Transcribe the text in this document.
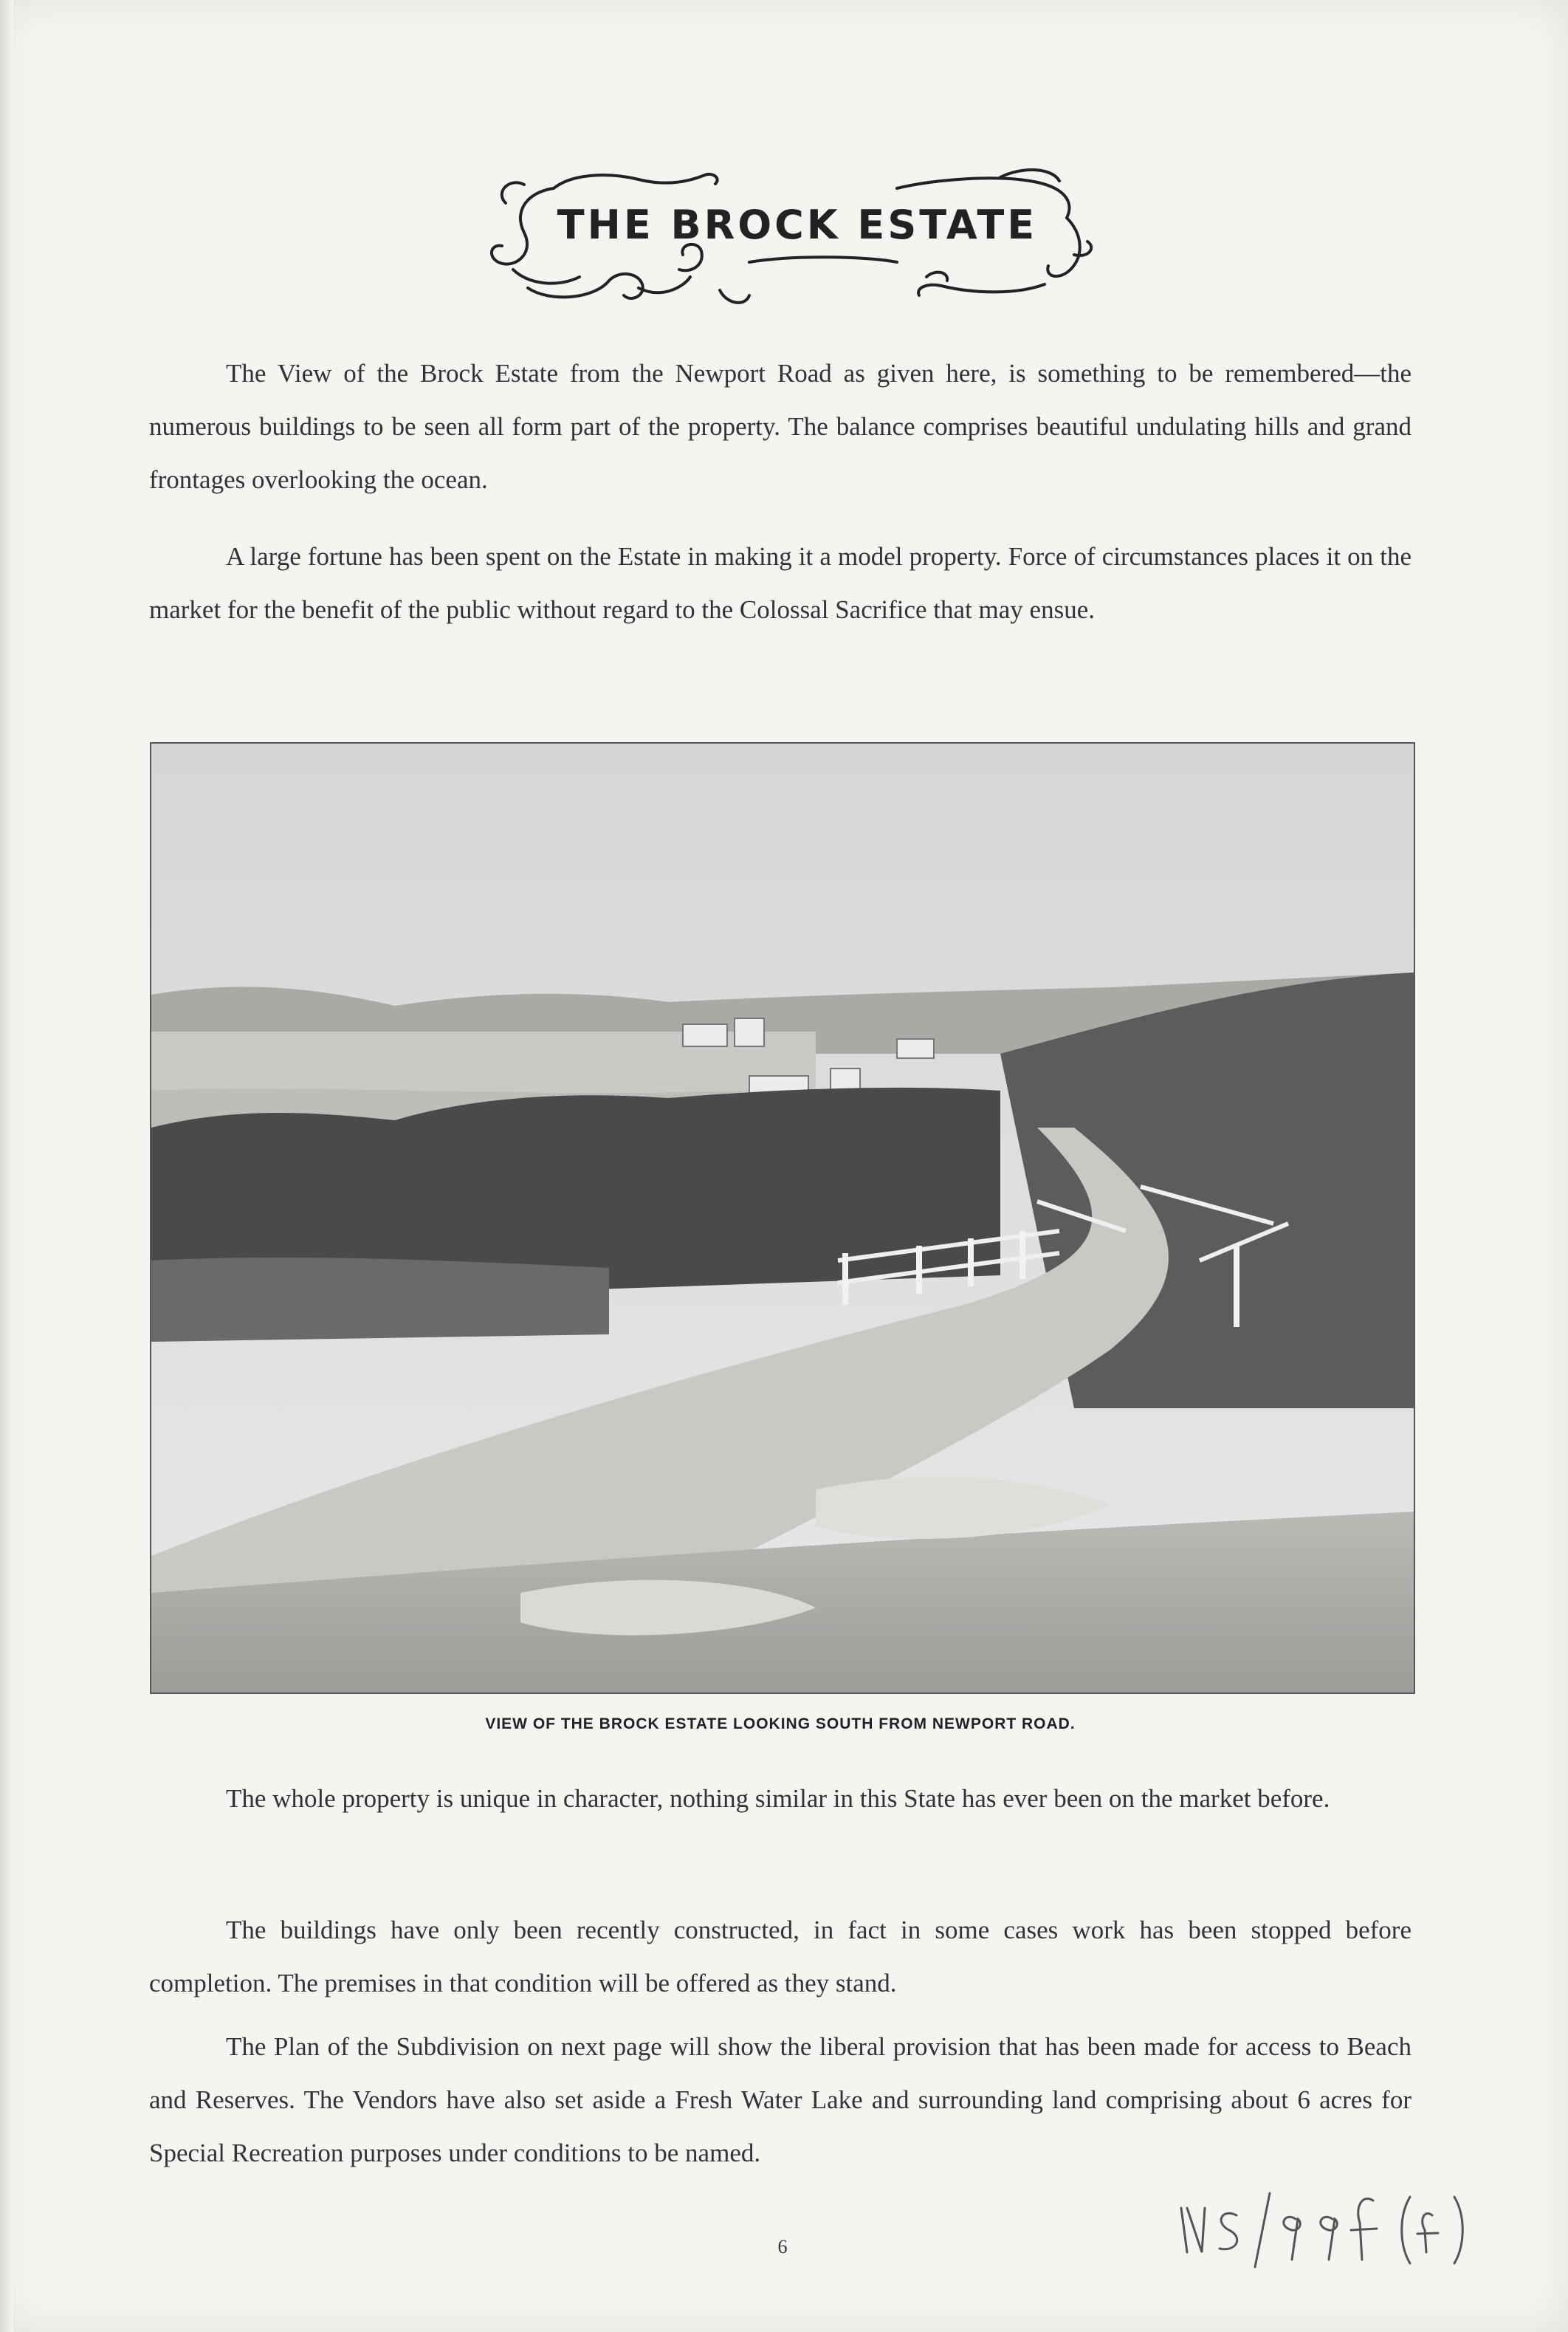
THE BROCK ESTATE

The View of the Brock Estate from the Newport Road as given here, is something to be remembered—the numerous buildings to be seen all form part of the property. The balance comprises beautiful undulating hills and grand frontages overlooking the ocean.

A large fortune has been spent on the Estate in making it a model property. Force of circumstances places it on the market for the benefit of the public without regard to the Colossal Sacrifice that may ensue.

VIEW OF THE BROCK ESTATE LOOKING SOUTH FROM NEWPORT ROAD.

The whole property is unique in character, nothing similar in this State has ever been on the market before.

The buildings have only been recently constructed, in fact in some cases work has been stopped before completion. The premises in that condition will be offered as they stand.

The Plan of the Subdivision on next page will show the liberal provision that has been made for access to Beach and Reserves. The Vendors have also set aside a Fresh Water Lake and surrounding land comprising about 6 acres for Special Recreation purposes under conditions to be named.

6
